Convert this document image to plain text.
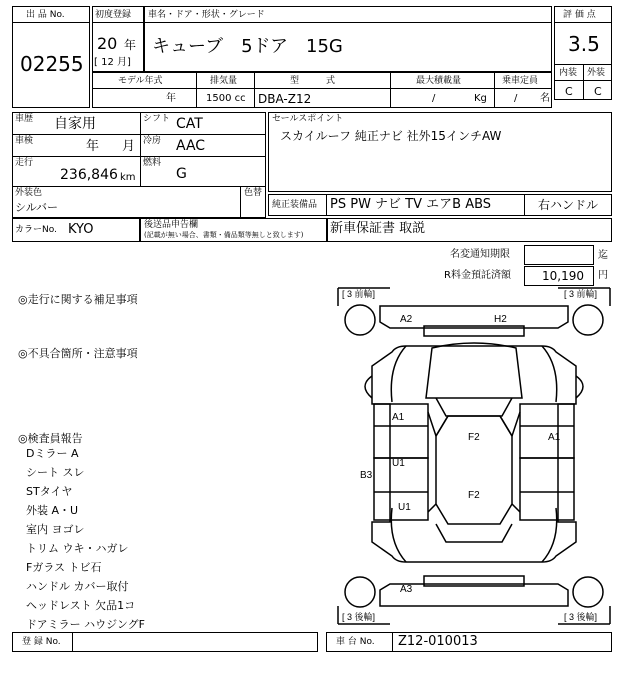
出 品 No.
02255
初度登録
20 年
[ 12 月]
車名・ドア・形状・グレード
キューブ　5ドア　15G
評 価 点
3.5
内装 外装
C C
モデル年式	排気量	型　　　式	最大積載量	乗車定員
年	1500 cc DBA-Z12	/	Kg	/ 名
車歴 自家用	シフト CAT
車検	年 月 冷房 AAC
走行
236,846 km
燃料
G
外装色
シルバー
色替
カラーNo. KYO	後送品申告欄
(記載が無い場合、書類・備品類等無しと致します)
セールスポイント
スカイルーフ 純正ナビ 社外15インチAW
純正装備品 PS PW ナビ TV エアB ABS	右ハンドル
新車保証書 取説
名変通知期限	迄
R料金預託済額	10,190 円
◎走行に関する補足事項
◎不具合箇所・注意事項
◎検査員報告
Dミラー A
シート スレ
STタイヤ
外装 A・U
室内 ヨゴレ
トリム ウキ・ハガレ
Fガラス トビ石
ハンドル カバー取付
ヘッドレスト 欠品1コ
ドアミラー ハウジングF
[ 3 前輪]	[ 3 前輪]
[ 3 後輪]	[ 3 後輪]
A2	H2
F2
A1
A1
U1
U1
B3
F2
A3
登 録 No.	車 台 No. Z12-010013
